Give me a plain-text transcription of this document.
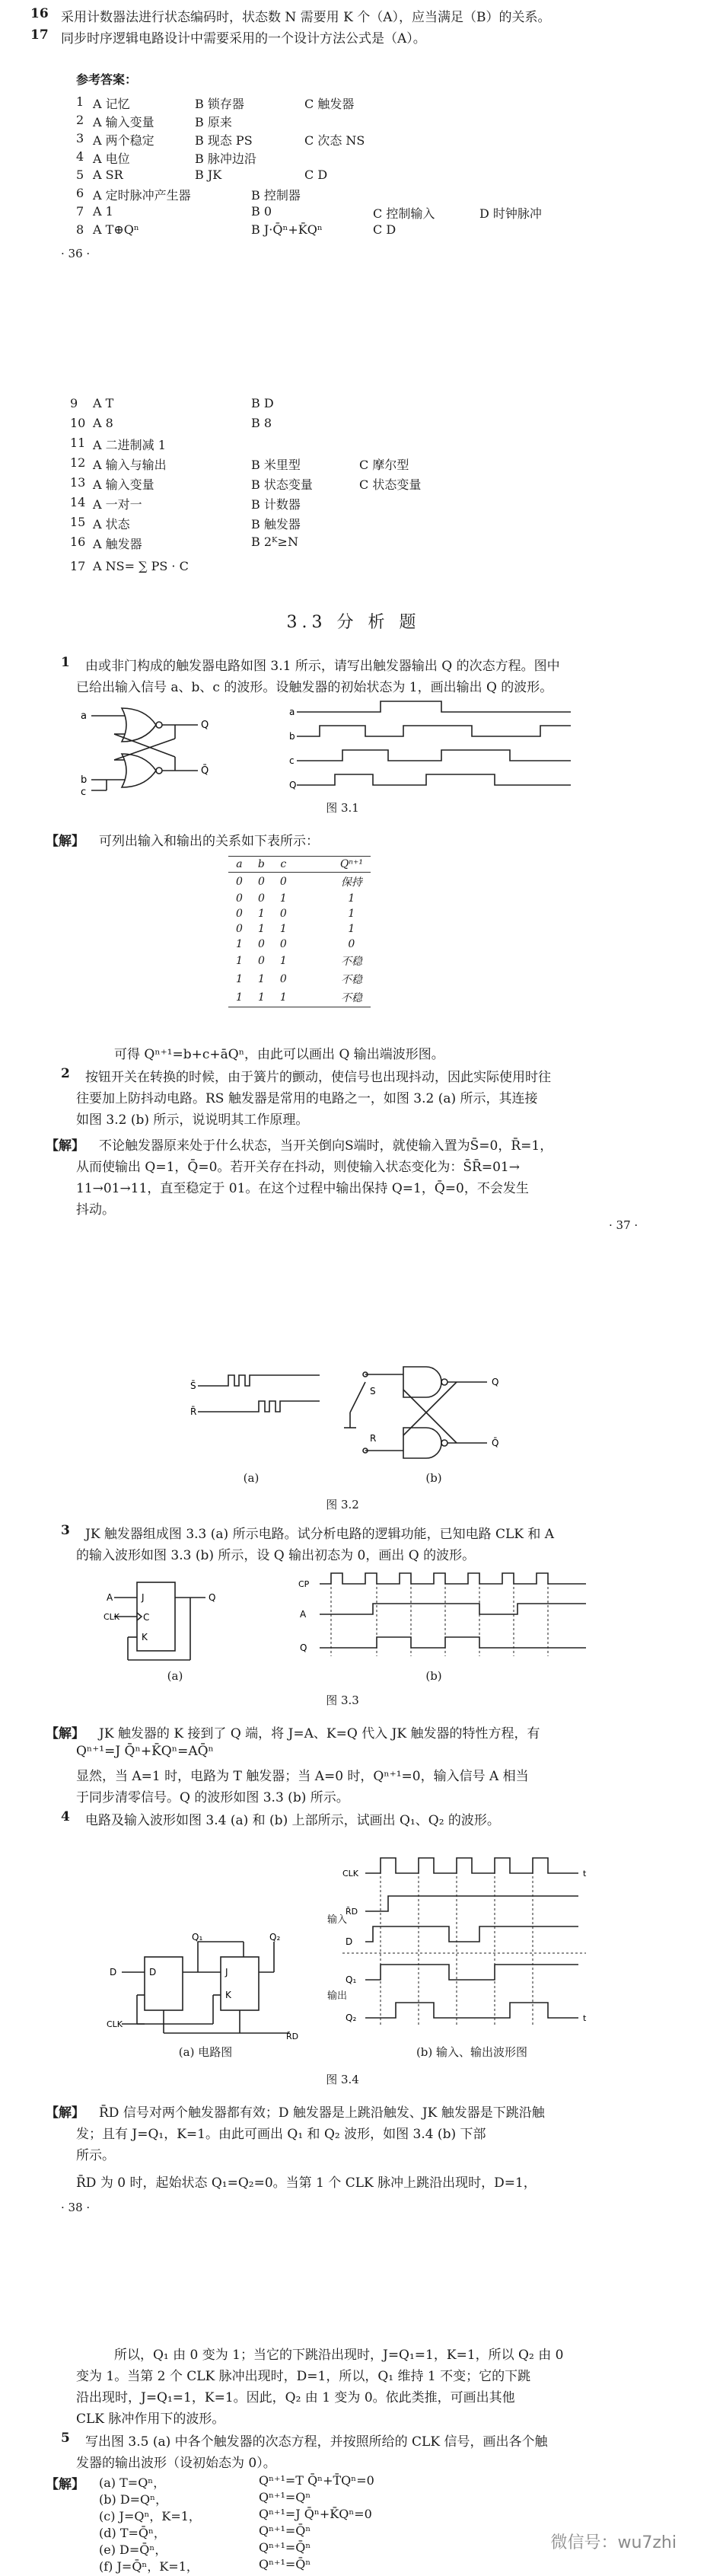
16 采用计数器法进行状态编码时，状态数 N 需要用 K 个（A），应当满足（B）的关系。
17 同步时序逻辑电路设计中需要采用的一个设计方法公式是（A）。
参考答案：
1 A 记忆	B 锁存器	C 触发器
2 A 输入变量	B 原来
3 A 两个稳定	B 现态 PS	C 次态 NS
4 A 电位	B 脉冲边沿
5 A SR	B JK	C D
6 A 定时脉冲产生器	B 控制器
7 A 1	B 0	C 控制输入	D 时钟脉冲
8 A T⊕Qⁿ	B J·Q̄ⁿ+K̄Qⁿ	C D
· 36 ·
9 A T	B D
10 A 8	B 8
11 A 二进制减 1
12 A 输入与输出	B 米里型	C 摩尔型
13 A 输入变量	B 状态变量	C 状态变量
14 A 一对一	B 计数器
15 A 状态	B 触发器
16 A 触发器	B 2ᴷ≥N
17 A NS= ∑ PS · C
3.3 分 析 题
1 由或非门构成的触发器电路如图 3.1 所示，请写出触发器输出 Q 的次态方程。图中
已给出输入信号 a、b、c 的波形。设触发器的初始状态为 1，画出输出 Q 的波形。
a
b
c
Q
Q̄
a
b
c
Q
图 3.1
【解】 可列出输入和输出的关系如下表所示：
a	b	c	Qⁿ⁺¹
0	0	0	保持
0	0	1	1
0	1	0	1
0	1	1	1
1	0	0	0
1	0	1	不稳
1	1	0	不稳
1	1	1	不稳
可得 Qⁿ⁺¹=b+c+āQⁿ，由此可以画出 Q 输出端波形图。
2 按钮开关在转换的时候，由于簧片的颤动，使信号也出现抖动，因此实际使用时往
往要加上防抖动电路。RS 触发器是常用的电路之一，如图 3.2 (a) 所示，其连接
如图 3.2 (b) 所示，说说明其工作原理。
【解】 不论触发器原来处于什么状态，当开关倒向S端时，就使输入置为S̄=0，R̄=1，
从而使输出 Q=1，Q̄=0。若开关存在抖动，则使输入状态变化为：S̄R̄=01→
11→01→11，直至稳定于 01。在这个过程中输出保持 Q=1，Q̄=0，不会发生
抖动。
· 37 ·
S̄
R̄
S
R
Q
Q̄
(a)	(b)
图 3.2
3 JK 触发器组成图 3.3 (a) 所示电路。试分析电路的逻辑功能，已知电路 CLK 和 A
的输入波形如图 3.3 (b) 所示，设 Q 输出初态为 0，画出 Q 的波形。
A
CLK
J
C
K
Q
(a)
CP
A
Q
(b)
图 3.3
【解】 JK 触发器的 K 接到了 Q 端，将 J=A、K=Q 代入 JK 触发器的特性方程，有
Qⁿ⁺¹=J Q̄ⁿ+K̄Qⁿ=AQ̄ⁿ
显然，当 A=1 时，电路为 T 触发器；当 A=0 时，Qⁿ⁺¹=0，输入信号 A 相当
于同步清零信号。Q 的波形如图 3.3 (b) 所示。
4 电路及输入波形如图 3.4 (a) 和 (b) 上部所示，试画出 Q₁、Q₂ 的波形。
D
CLK
D	J
K
Q₁	Q₂
R̄D
(a) 电路图
CLK
R̄D
D
Q₁
Q₂
t
t
输入
输出
(b) 输入、输出波形图
图 3.4
【解】 R̄D 信号对两个触发器都有效；D 触发器是上跳沿触发、JK 触发器是下跳沿触
发；且有 J=Q₁，K=1。由此可画出 Q₁ 和 Q₂ 波形，如图 3.4 (b) 下部
所示。
R̄D 为 0 时，起始状态 Q₁=Q₂=0。当第 1 个 CLK 脉冲上跳沿出现时，D=1，
· 38 ·
所以，Q₁ 由 0 变为 1；当它的下跳沿出现时，J=Q₁=1，K=1，所以 Q₂ 由 0
变为 1。当第 2 个 CLK 脉冲出现时，D=1，所以，Q₁ 维持 1 不变；它的下跳
沿出现时，J=Q₁=1，K=1。因此，Q₂ 由 1 变为 0。依此类推，可画出其他
CLK 脉冲作用下的波形。
5 写出图 3.5 (a) 中各个触发器的次态方程，并按照所给的 CLK 信号，画出各个触
发器的输出波形（设初始态为 0）。
【解】 (a) T=Qⁿ，	Qⁿ⁺¹=T Q̄ⁿ+T̄Qⁿ=0
(b) D=Qⁿ，	Qⁿ⁺¹=Qⁿ
(c) J=Qⁿ，K=1，	Qⁿ⁺¹=J Q̄ⁿ+K̄Qⁿ=0
(d) T=Q̄ⁿ，	Qⁿ⁺¹=Q̄ⁿ
(e) D=Q̄ⁿ，	Qⁿ⁺¹=Q̄ⁿ
(f) J=Q̄ⁿ，K=1，	Qⁿ⁺¹=Q̄ⁿ
微信号：wu7zhi
